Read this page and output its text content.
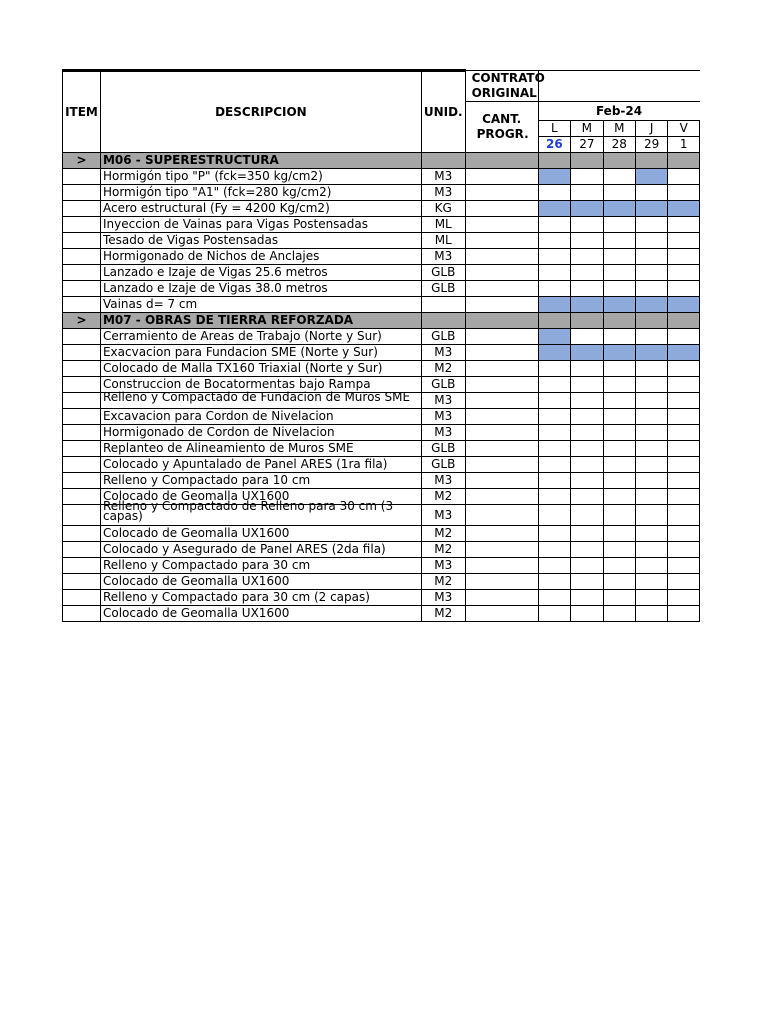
ITEM	DESCRIPCION	UNID.	CONTRATO ORIGINAL					

			CANT. PROGR.	Feb-24				
				L	M	M	J	V
				26	27	28	29	1
>	M06 - SUPERESTRUCTURA							
	Hormigón tipo "P" (fck=350 kg/cm2)	M3						
	Hormigón tipo "A1" (fck=280 kg/cm2)	M3						
	Acero estructural (Fy = 4200 Kg/cm2)	KG						
	Inyeccion de Vainas para Vigas Postensadas	ML						
	Tesado de Vigas Postensadas	ML						
	Hormigonado de Nichos de Anclajes	M3						
	Lanzado e Izaje de Vigas 25.6 metros	GLB						
	Lanzado e Izaje de Vigas 38.0 metros	GLB						
	Vainas d= 7 cm							
>	M07 - OBRAS DE TIERRA REFORZADA							
	Cerramiento de Areas de Trabajo (Norte y Sur)	GLB						
	Exacvacion para Fundacion SME (Norte y Sur)	M3						
	Colocado de Malla TX160 Triaxial (Norte y Sur)	M2						
	Construccion de Bocatormentas bajo Rampa	GLB						

	Relleno y Compactado de Fundacion de Muros SME	M3						
	Excavacion para Cordon de Nivelacion	M3						
	Hormigonado de Cordon de Nivelacion	M3						
	Replanteo de Alineamiento de Muros SME	GLB						
	Colocado y Apuntalado de Panel ARES (1ra fila)	GLB						
	Relleno y Compactado para 10 cm	M3						
	Colocado de Geomalla UX1600	M2						

	Relleno y Compactado de Relleno para 30 cm (3 capas)	M3						
	Colocado de Geomalla UX1600	M2						
	Colocado y Asegurado de Panel ARES (2da fila)	M2						
	Relleno y Compactado para 30 cm	M3						
	Colocado de Geomalla UX1600	M2						
	Relleno y Compactado para 30 cm (2 capas)	M3						
	Colocado de Geomalla UX1600	M2						
